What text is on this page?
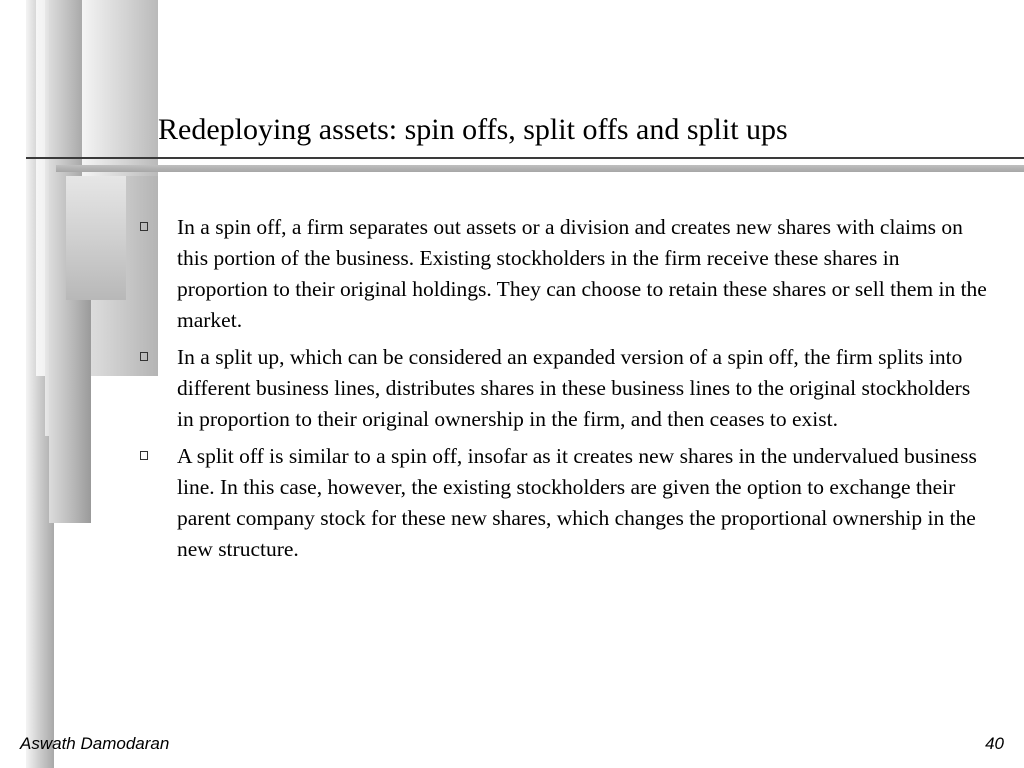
Redeploying assets: spin offs, split offs and split ups
In a spin off, a firm separates out assets or a division and creates new shares with claims on this portion of the business. Existing stockholders in the firm receive these shares in proportion to their original holdings. They can choose to retain these shares or sell them in the market.
In a split up, which can be considered an expanded version of a spin off, the firm splits into different business lines, distributes shares in these business lines to the original stockholders in proportion to their original ownership in the firm, and then ceases to exist.
A split off is similar to a spin off, insofar as it creates new shares in the undervalued business line. In this case, however, the existing stockholders are given the option to exchange their parent company stock for these new shares, which changes the proportional ownership in the new structure.
Aswath Damodaran	40
